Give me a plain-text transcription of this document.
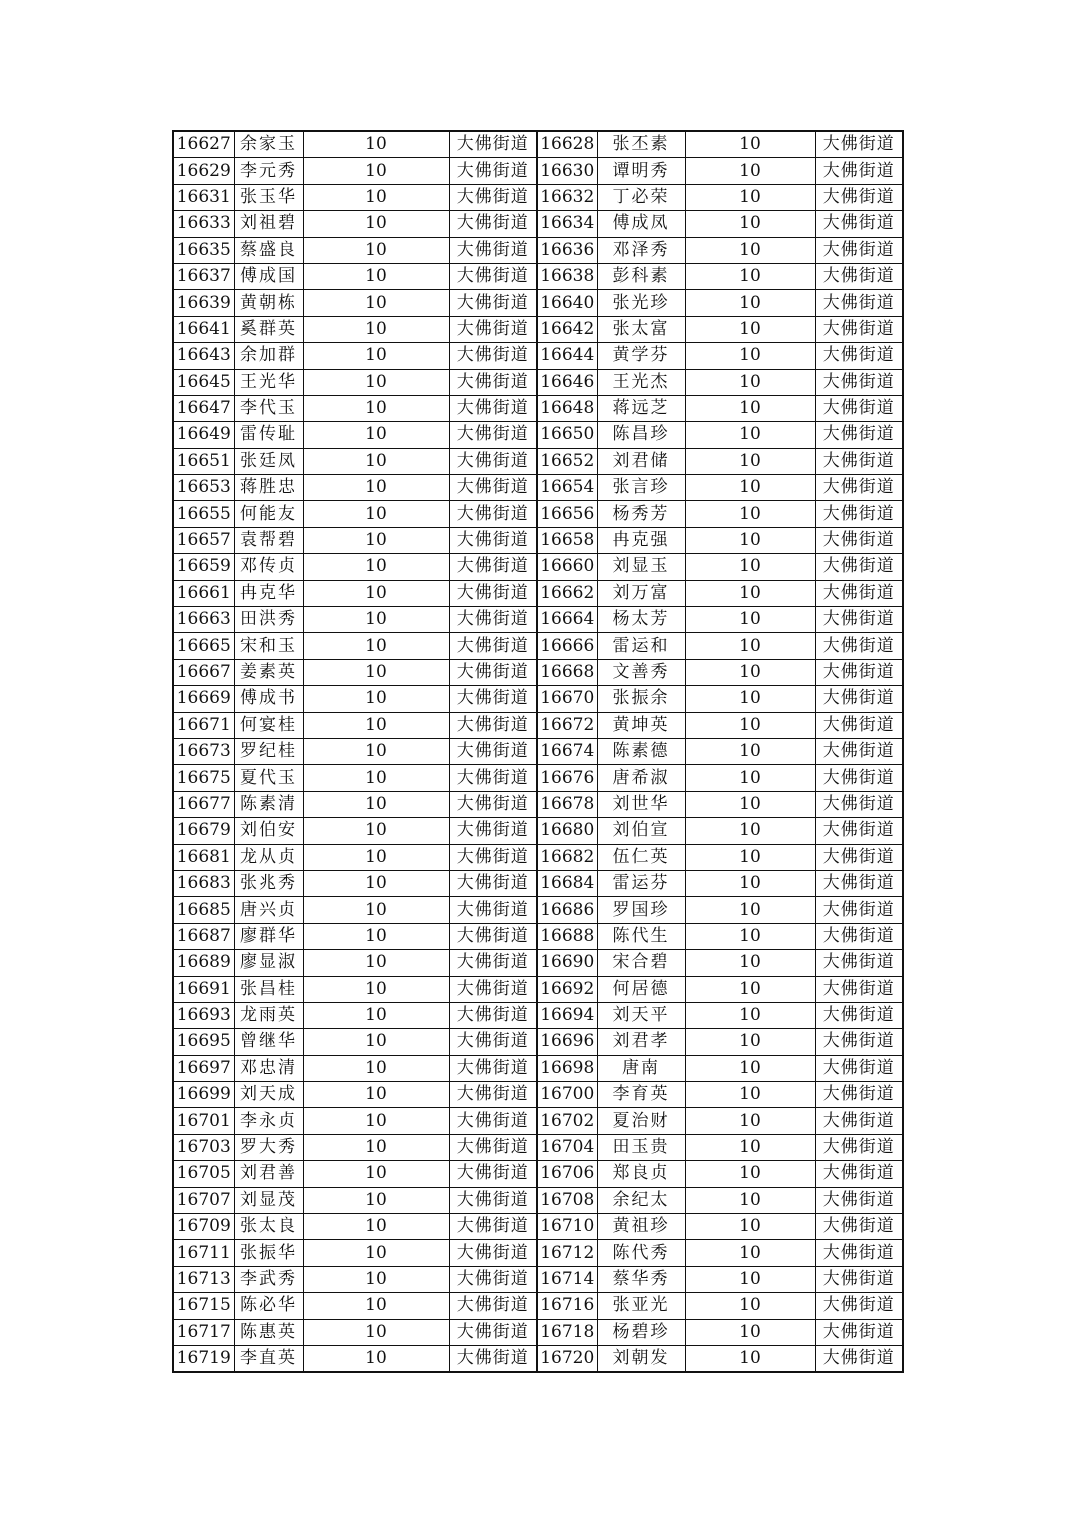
16627	余家玉	10	大佛街道	16628	张丕素	10	大佛街道
16629	李元秀	10	大佛街道	16630	谭明秀	10	大佛街道
16631	张玉华	10	大佛街道	16632	丁必荣	10	大佛街道
16633	刘祖碧	10	大佛街道	16634	傅成凤	10	大佛街道
16635	蔡盛良	10	大佛街道	16636	邓泽秀	10	大佛街道
16637	傅成国	10	大佛街道	16638	彭科素	10	大佛街道
16639	黄朝栋	10	大佛街道	16640	张光珍	10	大佛街道
16641	奚群英	10	大佛街道	16642	张太富	10	大佛街道
16643	余加群	10	大佛街道	16644	黄学芬	10	大佛街道
16645	王光华	10	大佛街道	16646	王光杰	10	大佛街道
16647	李代玉	10	大佛街道	16648	蒋远芝	10	大佛街道
16649	雷传耻	10	大佛街道	16650	陈昌珍	10	大佛街道
16651	张廷凤	10	大佛街道	16652	刘君储	10	大佛街道
16653	蒋胜忠	10	大佛街道	16654	张言珍	10	大佛街道
16655	何能友	10	大佛街道	16656	杨秀芳	10	大佛街道
16657	袁帮碧	10	大佛街道	16658	冉克强	10	大佛街道
16659	邓传贞	10	大佛街道	16660	刘显玉	10	大佛街道
16661	冉克华	10	大佛街道	16662	刘万富	10	大佛街道
16663	田洪秀	10	大佛街道	16664	杨太芳	10	大佛街道
16665	宋和玉	10	大佛街道	16666	雷运和	10	大佛街道
16667	姜素英	10	大佛街道	16668	文善秀	10	大佛街道
16669	傅成书	10	大佛街道	16670	张振余	10	大佛街道
16671	何宴桂	10	大佛街道	16672	黄坤英	10	大佛街道
16673	罗纪桂	10	大佛街道	16674	陈素德	10	大佛街道
16675	夏代玉	10	大佛街道	16676	唐希淑	10	大佛街道
16677	陈素清	10	大佛街道	16678	刘世华	10	大佛街道
16679	刘伯安	10	大佛街道	16680	刘伯宣	10	大佛街道
16681	龙从贞	10	大佛街道	16682	伍仁英	10	大佛街道
16683	张兆秀	10	大佛街道	16684	雷运芬	10	大佛街道
16685	唐兴贞	10	大佛街道	16686	罗国珍	10	大佛街道
16687	廖群华	10	大佛街道	16688	陈代生	10	大佛街道
16689	廖显淑	10	大佛街道	16690	宋合碧	10	大佛街道
16691	张昌桂	10	大佛街道	16692	何居德	10	大佛街道
16693	龙雨英	10	大佛街道	16694	刘天平	10	大佛街道
16695	曾继华	10	大佛街道	16696	刘君孝	10	大佛街道
16697	邓忠清	10	大佛街道	16698	唐南	10	大佛街道
16699	刘天成	10	大佛街道	16700	李育英	10	大佛街道
16701	李永贞	10	大佛街道	16702	夏治财	10	大佛街道
16703	罗大秀	10	大佛街道	16704	田玉贵	10	大佛街道
16705	刘君善	10	大佛街道	16706	郑良贞	10	大佛街道
16707	刘显茂	10	大佛街道	16708	余纪太	10	大佛街道
16709	张太良	10	大佛街道	16710	黄祖珍	10	大佛街道
16711	张振华	10	大佛街道	16712	陈代秀	10	大佛街道
16713	李武秀	10	大佛街道	16714	蔡华秀	10	大佛街道
16715	陈必华	10	大佛街道	16716	张亚光	10	大佛街道
16717	陈惠英	10	大佛街道	16718	杨碧珍	10	大佛街道
16719	李直英	10	大佛街道	16720	刘朝发	10	大佛街道
